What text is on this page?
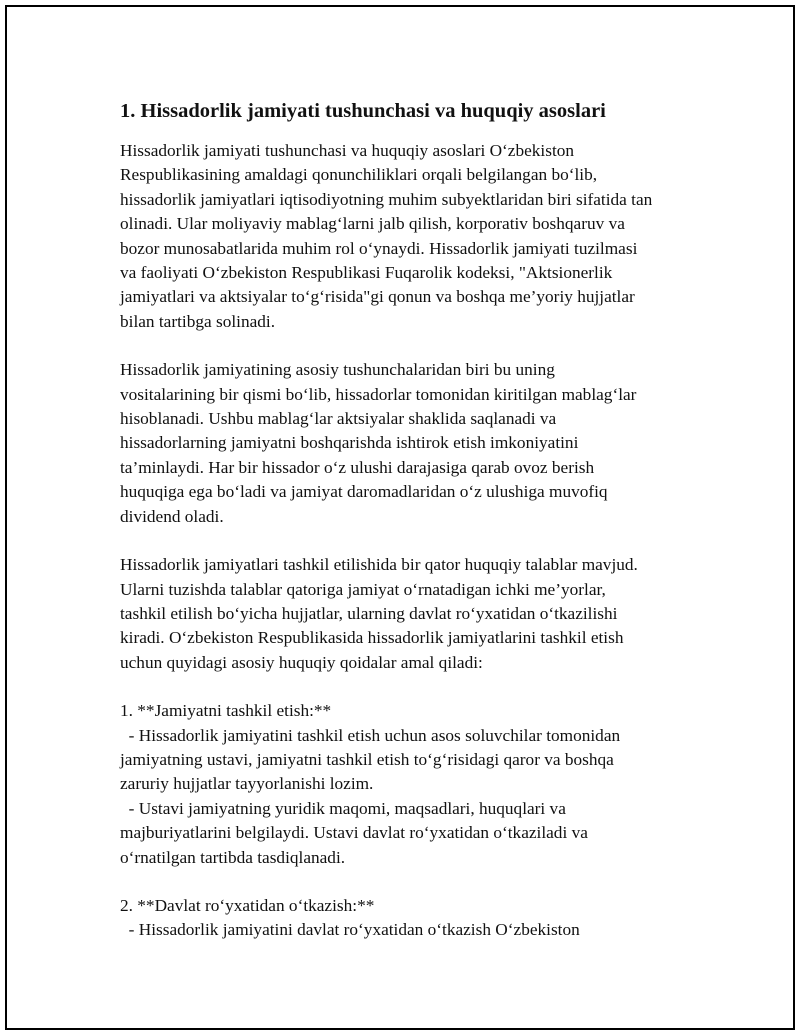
1. Hissadorlik jamiyati tushunchasi va huquqiy asoslari

Hissadorlik jamiyati tushunchasi va huquqiy asoslari O‘zbekiston
Respublikasining amaldagi qonunchiliklari orqali belgilangan bo‘lib,
hissadorlik jamiyatlari iqtisodiyotning muhim subyektlaridan biri sifatida tan
olinadi. Ular moliyaviy mablag‘larni jalb qilish, korporativ boshqaruv va
bozor munosabatlarida muhim rol o‘ynaydi. Hissadorlik jamiyati tuzilmasi
va faoliyati O‘zbekiston Respublikasi Fuqarolik kodeksi, "Aktsionerlik
jamiyatlari va aktsiyalar to‘g‘risida"gi qonun va boshqa me’yoriy hujjatlar
bilan tartibga solinadi.

Hissadorlik jamiyatining asosiy tushunchalaridan biri bu uning
vositalarining bir qismi bo‘lib, hissadorlar tomonidan kiritilgan mablag‘lar
hisoblanadi. Ushbu mablag‘lar aktsiyalar shaklida saqlanadi va
hissadorlarning jamiyatni boshqarishda ishtirok etish imkoniyatini
ta’minlaydi. Har bir hissador o‘z ulushi darajasiga qarab ovoz berish
huquqiga ega bo‘ladi va jamiyat daromadlaridan o‘z ulushiga muvofiq
dividend oladi.

Hissadorlik jamiyatlari tashkil etilishida bir qator huquqiy talablar mavjud.
Ularni tuzishda talablar qatoriga jamiyat o‘rnatadigan ichki me’yorlar,
tashkil etilish bo‘yicha hujjatlar, ularning davlat ro‘yxatidan o‘tkazilishi
kiradi. O‘zbekiston Respublikasida hissadorlik jamiyatlarini tashkil etish
uchun quyidagi asosiy huquqiy qoidalar amal qiladi:

1. **Jamiyatni tashkil etish:**
- Hissadorlik jamiyatini tashkil etish uchun asos soluvchilar tomonidan
jamiyatning ustavi, jamiyatni tashkil etish to‘g‘risidagi qaror va boshqa
zaruriy hujjatlar tayyorlanishi lozim.
- Ustavi jamiyatning yuridik maqomi, maqsadlari, huquqlari va
majburiyatlarini belgilaydi. Ustavi davlat ro‘yxatidan o‘tkaziladi va
o‘rnatilgan tartibda tasdiqlanadi.

2. **Davlat ro‘yxatidan o‘tkazish:**
- Hissadorlik jamiyatini davlat ro‘yxatidan o‘tkazish O‘zbekiston
